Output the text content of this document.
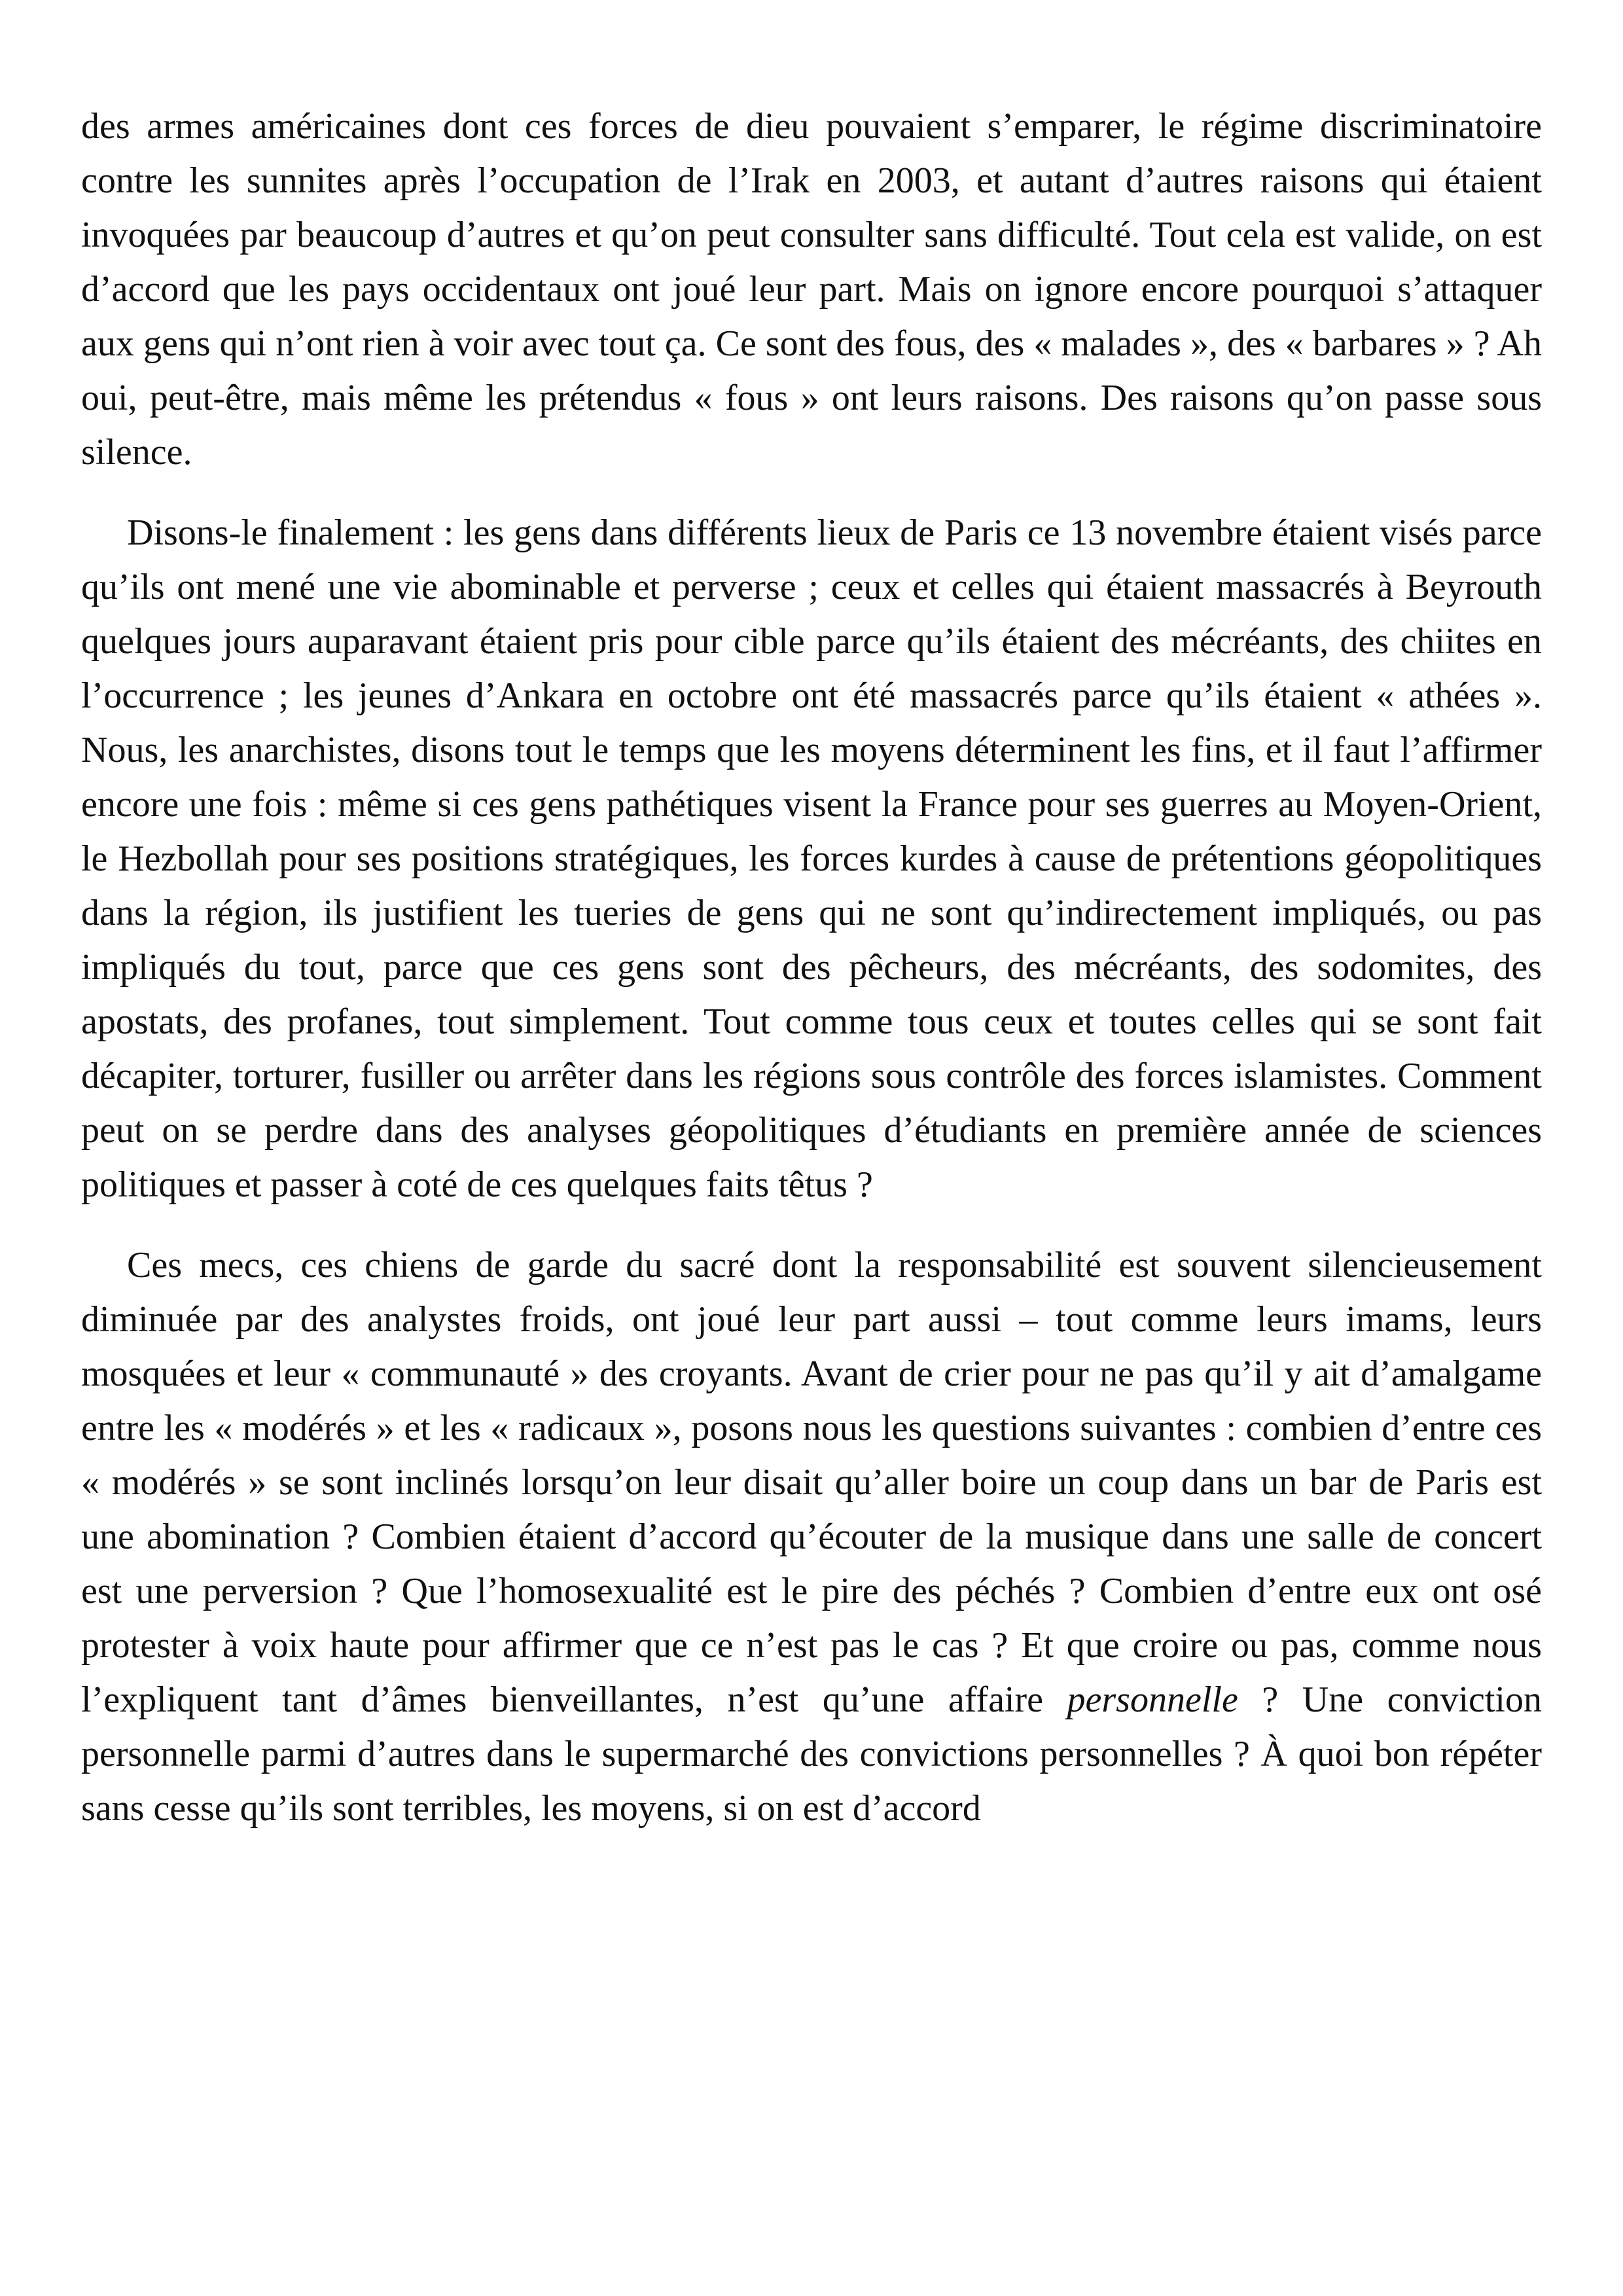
des armes américaines dont ces forces de dieu pouvaient s’emparer, le régime discriminatoire contre les sunnites après l’occupation de l’Irak en 2003, et autant d’autres raisons qui étaient invoquées par beaucoup d’autres et qu’on peut consulter sans difficulté. Tout cela est valide, on est d’accord que les pays occidentaux ont joué leur part. Mais on ignore encore pourquoi s’attaquer aux gens qui n’ont rien à voir avec tout ça. Ce sont des fous, des « malades », des « barbares » ? Ah oui, peut-être, mais même les prétendus « fous » ont leurs raisons. Des raisons qu’on passe sous silence.

Disons-le finalement : les gens dans différents lieux de Paris ce 13 novembre étaient visés parce qu’ils ont mené une vie abominable et perverse ; ceux et celles qui étaient massacrés à Beyrouth quelques jours auparavant étaient pris pour cible parce qu’ils étaient des mécréants, des chiites en l’occurrence ; les jeunes d’Ankara en octobre ont été massacrés parce qu’ils étaient « athées ». Nous, les anarchistes, disons tout le temps que les moyens déterminent les fins, et il faut l’affirmer encore une fois : même si ces gens pathétiques visent la France pour ses guerres au Moyen-Orient, le Hezbollah pour ses positions stratégiques, les forces kurdes à cause de prétentions géopolitiques dans la région, ils justifient les tueries de gens qui ne sont qu’indirectement impliqués, ou pas impliqués du tout, parce que ces gens sont des pêcheurs, des mécréants, des sodomites, des apostats, des profanes, tout simplement. Tout comme tous ceux et toutes celles qui se sont fait décapiter, torturer, fusiller ou arrêter dans les régions sous contrôle des forces islamistes. Comment peut on se perdre dans des analyses géopolitiques d’étudiants en première année de sciences politiques et passer à coté de ces quelques faits têtus ?

Ces mecs, ces chiens de garde du sacré dont la responsabilité est souvent silencieusement diminuée par des analystes froids, ont joué leur part aussi – tout comme leurs imams, leurs mosquées et leur « communauté » des croyants. Avant de crier pour ne pas qu’il y ait d’amalgame entre les « modérés » et les « radicaux », posons nous les questions suivantes : combien d’entre ces « modérés » se sont inclinés lorsqu’on leur disait qu’aller boire un coup dans un bar de Paris est une abomination ? Combien étaient d’accord qu’écouter de la musique dans une salle de concert est une perversion ? Que l’homosexualité est le pire des péchés ? Combien d’entre eux ont osé protester à voix haute pour affirmer que ce n’est pas le cas ? Et que croire ou pas, comme nous l’expliquent tant d’âmes bienveillantes, n’est qu’une affaire personnelle ? Une conviction personnelle parmi d’autres dans le supermarché des convictions personnelles ? À quoi bon répéter sans cesse qu’ils sont terribles, les moyens, si on est d’accord
